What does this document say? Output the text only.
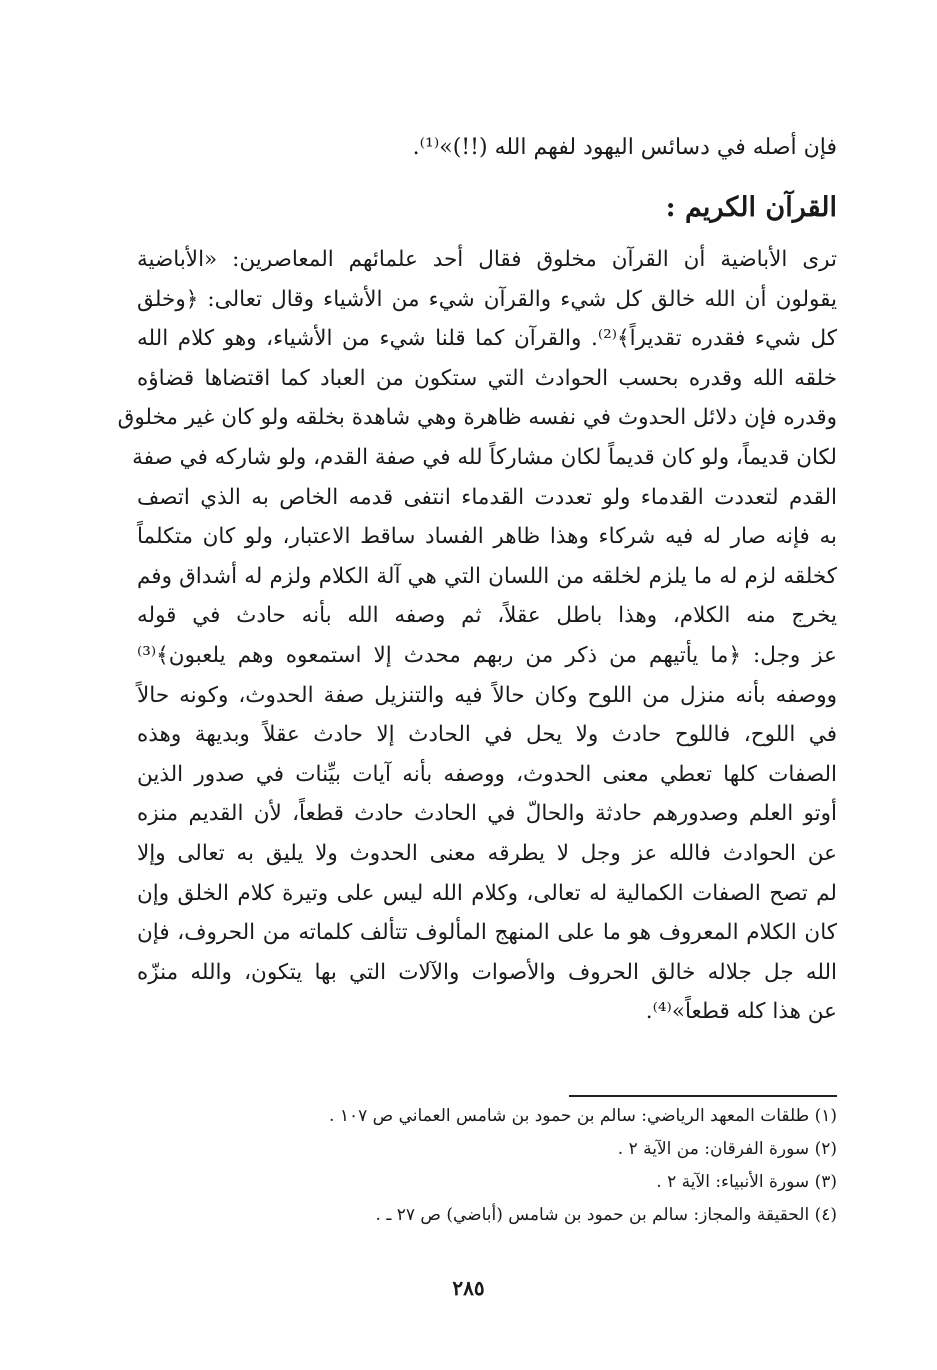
فإن أصله في دسائس اليهود لفهم الله (!!)»⁽¹⁾.
القرآن الكريم :
ترى الأباضية أن القرآن مخلوق فقال أحد علمائهم المعاصرين: «الأباضية
يقولون أن الله خالق كل شيء والقرآن شيء من الأشياء وقال تعالى: ﴿وخلق
كل شيء فقدره تقديراً﴾⁽²⁾. والقرآن كما قلنا شيء من الأشياء، وهو كلام الله
خلقه الله وقدره بحسب الحوادث التي ستكون من العباد كما اقتضاها قضاؤه
وقدره فإن دلائل الحدوث في نفسه ظاهرة وهي شاهدة بخلقه ولو كان غير مخلوق
لكان قديماً، ولو كان قديماً لكان مشاركاً لله في صفة القدم، ولو شاركه في صفة
القدم لتعددت القدماء ولو تعددت القدماء انتفى قدمه الخاص به الذي اتصف
به فإنه صار له فيه شركاء وهذا ظاهر الفساد ساقط الاعتبار، ولو كان متكلماً
كخلقه لزم له ما يلزم لخلقه من اللسان التي هي آلة الكلام ولزم له أشداق وفم
يخرج منه الكلام، وهذا باطل عقلاً، ثم وصفه الله بأنه حادث في قوله
عز وجل: ﴿ما يأتيهم من ذكر من ربهم محدث إلا استمعوه وهم يلعبون﴾⁽³⁾
ووصفه بأنه منزل من اللوح وكان حالاً فيه والتنزيل صفة الحدوث، وكونه حالاً
في اللوح، فاللوح حادث ولا يحل في الحادث إلا حادث عقلاً وبديهة وهذه
الصفات كلها تعطي معنى الحدوث، ووصفه بأنه آيات بيِّنات في صدور الذين
أوتو العلم وصدورهم حادثة والحالّ في الحادث حادث قطعاً، لأن القديم منزه
عن الحوادث فالله عز وجل لا يطرقه معنى الحدوث ولا يليق به تعالى وإلا
لم تصح الصفات الكمالية له تعالى، وكلام الله ليس على وتيرة كلام الخلق وإن
كان الكلام المعروف هو ما على المنهج المألوف تتألف كلماته من الحروف، فإن
الله جل جلاله خالق الحروف والأصوات والآلات التي بها يتكون، والله منزّه
عن هذا كله قطعاً»⁽⁴⁾.
(١) طلقات المعهد الرياضي: سالم بن حمود بن شامس العماني ص ١٠٧ .
(٢) سورة الفرقان: من الآية ٢ .
(٣) سورة الأنبياء: الآية ٢ .
(٤) الحقيقة والمجاز: سالم بن حمود بن شامس (أباضي) ص ٢٧ ـ .
٢٨٥
